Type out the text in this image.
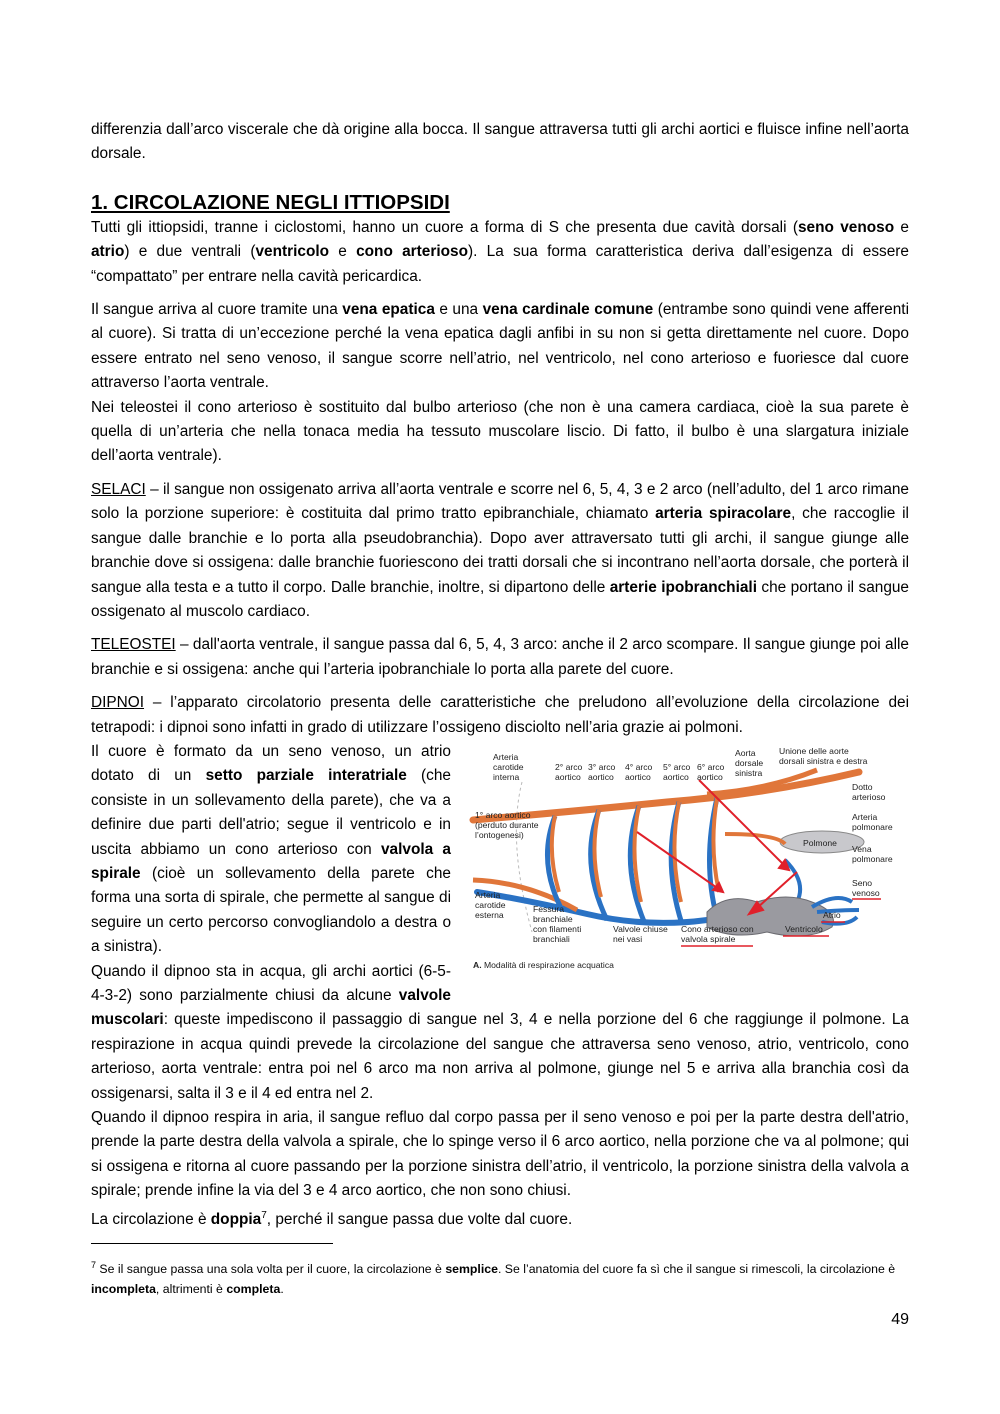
differenzia dall’arco viscerale che dà origine alla bocca. Il sangue attraversa tutti gli archi aortici e fluisce infine nell’aorta dorsale.

1. CIRCOLAZIONE NEGLI ITTIOPSIDI

Tutti gli ittiopsidi, tranne i ciclostomi, hanno un cuore a forma di S che presenta due cavità dorsali (seno venoso e atrio) e due ventrali (ventricolo e cono arterioso). La sua forma caratteristica deriva dall’esigenza di essere “compattato” per entrare nella cavità pericardica.

Il sangue arriva al cuore tramite una vena epatica e una vena cardinale comune (entrambe sono quindi vene afferenti al cuore). Si tratta di un’eccezione perché la vena epatica dagli anfibi in su non si getta direttamente nel cuore. Dopo essere entrato nel seno venoso, il sangue scorre nell’atrio, nel ventricolo, nel cono arterioso e fuoriesce dal cuore attraverso l’aorta ventrale.

Nei teleostei il cono arterioso è sostituito dal bulbo arterioso (che non è una camera cardiaca, cioè la sua parete è quella di un’arteria che nella tonaca media ha tessuto muscolare liscio. Di fatto, il bulbo è una slargatura iniziale dell’aorta ventrale).

SELACI – il sangue non ossigenato arriva all’aorta ventrale e scorre nel 6, 5, 4, 3 e 2 arco (nell’adulto, del 1 arco rimane solo la porzione superiore: è costituita dal primo tratto epibranchiale, chiamato arteria spiracolare, che raccoglie il sangue dalle branchie e lo porta alla pseudobranchia). Dopo aver attraversato tutti gli archi, il sangue giunge alle branchie dove si ossigena: dalle branchie fuoriescono dei tratti dorsali che si incontrano nell’aorta dorsale, che porterà il sangue alla testa e a tutto il corpo. Dalle branchie, inoltre, si dipartono delle arterie ipobranchiali che portano il sangue ossigenato al muscolo cardiaco.

TELEOSTEI – dall'aorta ventrale, il sangue passa dal 6, 5, 4, 3 arco: anche il 2 arco scompare. Il sangue giunge poi alle branchie e si ossigena: anche qui l’arteria ipobranchiale lo porta alla parete del cuore.

DIPNOI – l’apparato circolatorio presenta delle caratteristiche che preludono all’evoluzione della circolazione dei tetrapodi: i dipnoi sono infatti in grado di utilizzare l’ossigeno disciolto nell’aria grazie ai polmoni.

Arteria
carotide
interna
2° arco
aortico
3° arco
aortico
4° arco
aortico
5° arco
aortico
6° arco
aortico
Aorta
dorsale
sinistra
Unione delle aorte
dorsali sinistra e destra
Dotto
arterioso
Arteria
polmonare
1° arco aortico
(perduto durante
l’ontogenesi)
Polmone
Vena
polmonare
Seno
venoso
Atrio
Arteria
carotide
esterna
Fessura
branchiale
con filamenti
branchiali
Valvole chiuse
nei vasi
Cono arterioso con
valvola spirale
Ventricolo
A. Modalità di respirazione acquatica

Il cuore è formato da un seno venoso, un atrio dotato di un setto parziale interatriale (che consiste in un sollevamento della parete), che va a definire due parti dell'atrio; segue il ventricolo e in uscita abbiamo un cono arterioso con valvola a spirale (cioè un sollevamento della parete che forma una sorta di spirale, che permette al sangue di seguire un certo percorso convogliandolo a destra o a sinistra).

Quando il dipnoo sta in acqua, gli archi aortici (6-5-4-3-2) sono parzialmente chiusi da alcune valvole muscolari: queste impediscono il passaggio di sangue nel 3, 4 e nella porzione del 6 che raggiunge il polmone. La respirazione in acqua quindi prevede la circolazione del sangue che attraversa seno venoso, atrio, ventricolo, cono arterioso, aorta ventrale: entra poi nel 6 arco ma non arriva al polmone, giunge nel 5 e arriva alla branchia così da ossigenarsi, salta il 3 e il 4 ed entra nel 2.

Quando il dipnoo respira in aria, il sangue refluo dal corpo passa per il seno venoso e poi per la parte destra dell'atrio, prende la parte destra della valvola a spirale, che lo spinge verso il 6 arco aortico, nella porzione che va al polmone; qui si ossigena e ritorna al cuore passando per la porzione sinistra dell’atrio, il ventricolo, la porzione sinistra della valvola a spirale; prende infine la via del 3 e 4 arco aortico, che non sono chiusi.

La circolazione è doppia$^7$, perché il sangue passa due volte dal cuore.

$^7$ Se il sangue passa una sola volta per il cuore, la circolazione è semplice. Se l’anatomia del cuore fa sì che il sangue si rimescoli, la circolazione è incompleta, altrimenti è completa.
49
